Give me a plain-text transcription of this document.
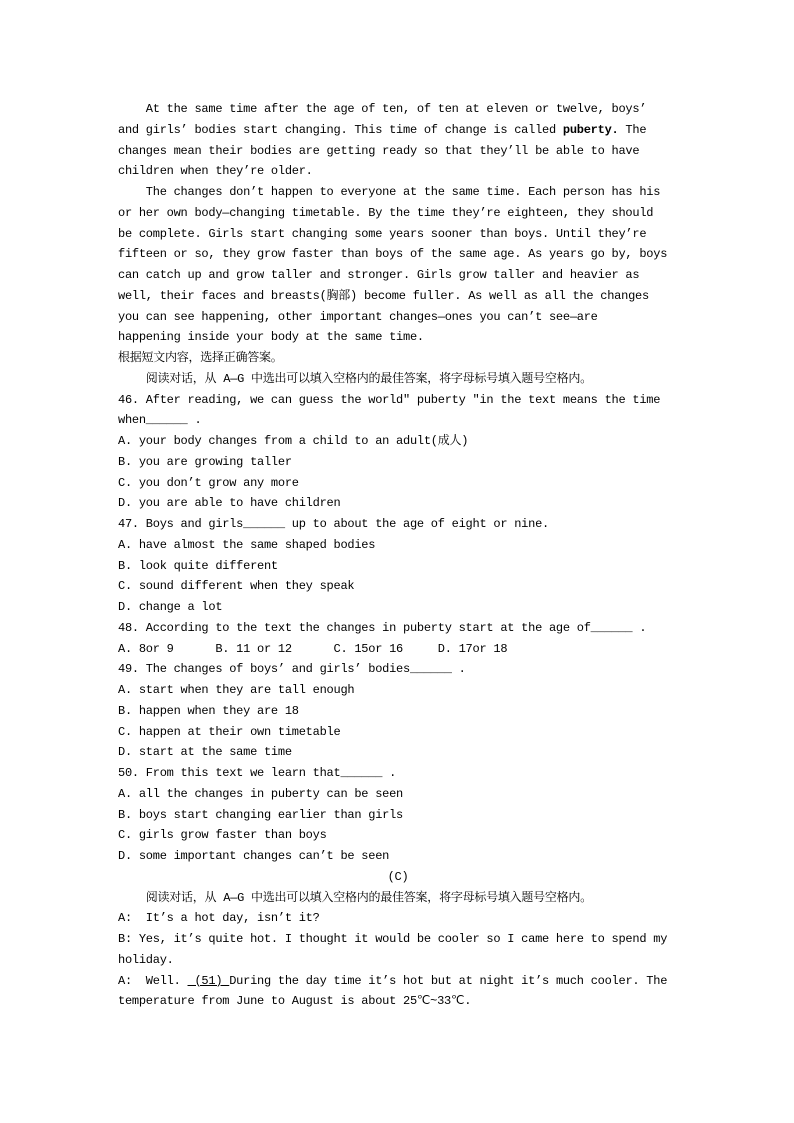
At the same time after the age of ten, of ten at eleven or twelve, boys’
and girls’ bodies start changing. This time of change is called puberty. The
changes mean their bodies are getting ready so that they’ll be able to have
children when they’re older.
The changes don’t happen to everyone at the same time. Each person has his
or her own body—changing timetable. By the time they’re eighteen, they should
be complete. Girls start changing some years sooner than boys. Until they’re
fifteen or so, they grow faster than boys of the same age. As years go by, boys
can catch up and grow taller and stronger. Girls grow taller and heavier as
well, their faces and breasts(胸部) become fuller. As well as all the changes
you can see happening, other important changes—ones you can’t see—are
happening inside your body at the same time.
根据短文内容，选择正确答案。
阅读对话，从 A—G 中选出可以填入空格内的最佳答案，将字母标号填入题号空格内。
46. After reading, we can guess the world″ puberty ″in the text means the time
when______ .
A. your body changes from a child to an adult(成人)
B. you are growing taller
C. you don’t grow any more
D. you are able to have children
47. Boys and girls______ up to about the age of eight or nine.
A. have almost the same shaped bodies
B. look quite different
C. sound different when they speak
D. change a lot
48. According to the text the changes in puberty start at the age of______ .
A. 8or 9      B. 11 or 12      C. 15or 16     D. 17or 18
49. The changes of boys’ and girls’ bodies______ .
A. start when they are tall enough
B. happen when they are 18
C. happen at their own timetable
D. start at the same time
50. From this text we learn that______ .
A. all the changes in puberty can be seen
B. boys start changing earlier than girls
C. girls grow faster than boys
D. some important changes can’t be seen
(C)
阅读对话，从 A—G 中选出可以填入空格内的最佳答案，将字母标号填入题号空格内。
A:  It’s a hot day, isn’t it?
B: Yes, it’s quite hot. I thought it would be cooler so I came here to spend my
holiday.
A:  Well.  (51) During the day time it’s hot but at night it’s much cooler. The
temperature from June to August is about 25℃~33℃.
